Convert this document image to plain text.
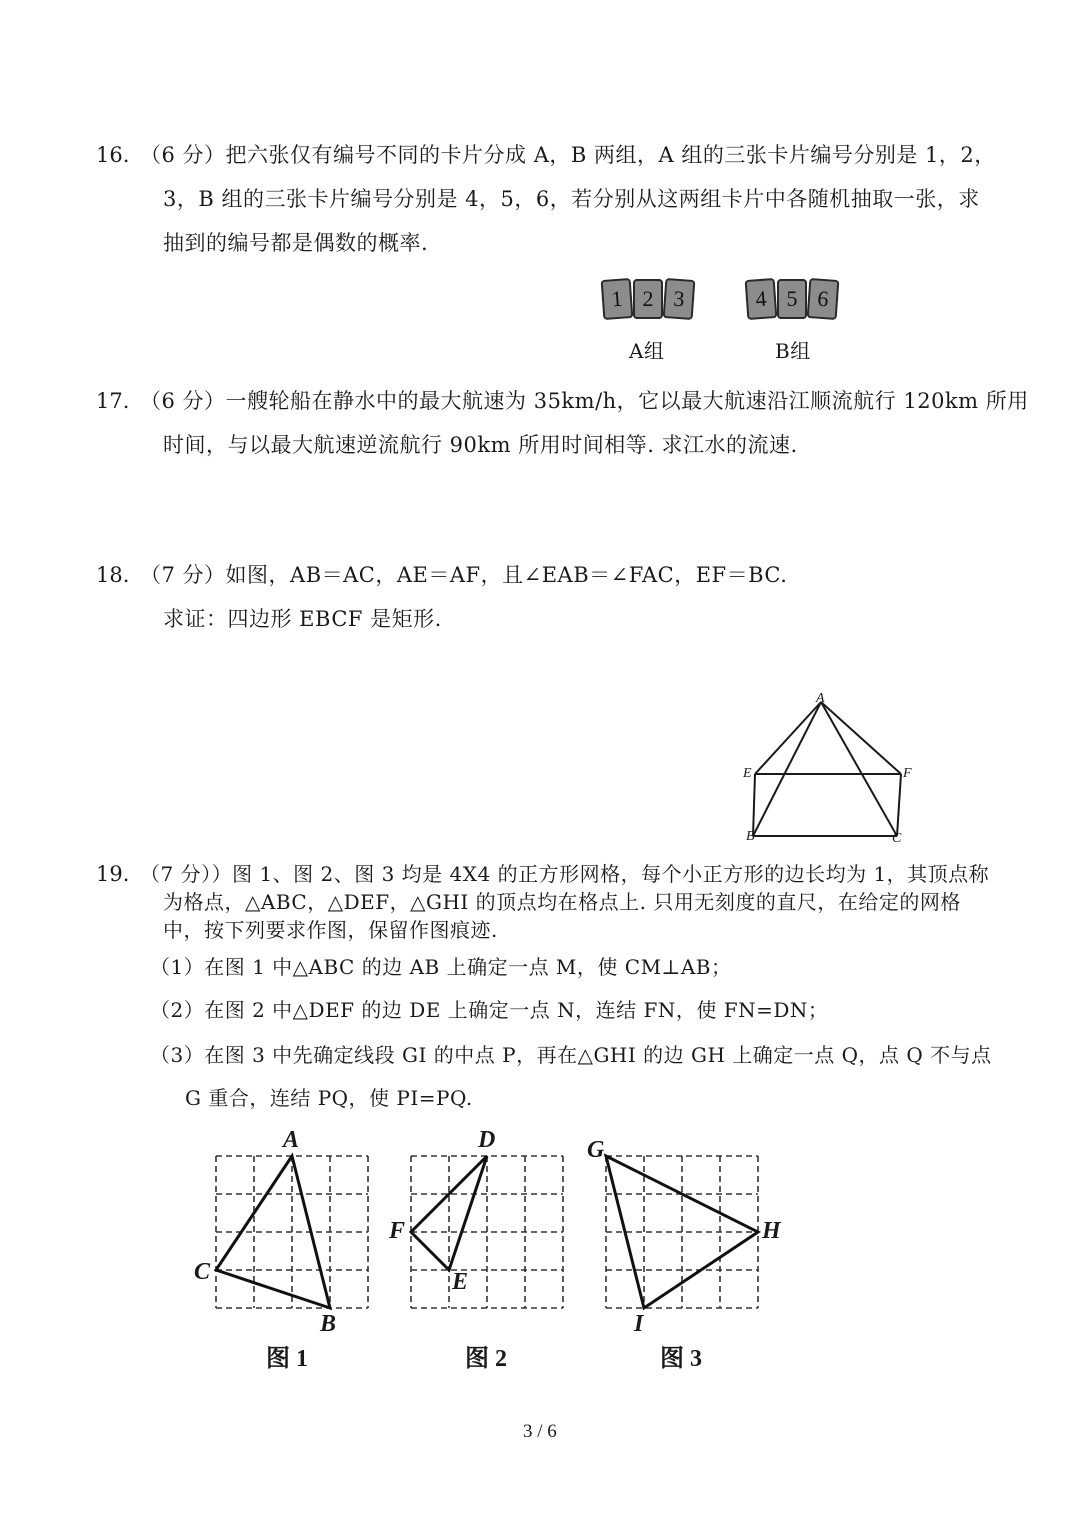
16. （6 分）把六张仅有编号不同的卡片分成 A，B 两组，A 组的三张卡片编号分别是 1，2，
3，B 组的三张卡片编号分别是 4，5，6，若分别从这两组卡片中各随机抽取一张，求
抽到的编号都是偶数的概率.
1 2 3	4 5 6
A组	B组
17. （6 分）一艘轮船在静水中的最大航速为 35km/h，它以最大航速沿江顺流航行 120km 所用
时间，与以最大航速逆流航行 90km 所用时间相等. 求江水的流速.
18. （7 分）如图，AB＝AC，AE＝AF，且∠EAB＝∠FAC，EF＝BC.
求证：四边形 EBCF 是矩形.
A
E	F
B	C
19. （7 分））图 1、图 2、图 3 均是 4X4 的正方形网格，每个小正方形的边长均为 1，其顶点称
为格点，△ABC，△DEF，△GHI 的顶点均在格点上. 只用无刻度的直尺，在给定的网格
中，按下列要求作图，保留作图痕迹.
（1）在图 1 中△ABC 的边 AB 上确定一点 M，使 CM⊥AB；
（2）在图 2 中△DEF 的边 DE 上确定一点 N，连结 FN，使 FN=DN；
（3）在图 3 中先确定线段 GI 的中点 P，再在△GHI 的边 GH 上确定一点 Q，点 Q 不与点
G 重合，连结 PQ，使 PI=PQ.
A
C
B
图 1
D
F
E
图 2
G
H
I
图 3
3 / 6
